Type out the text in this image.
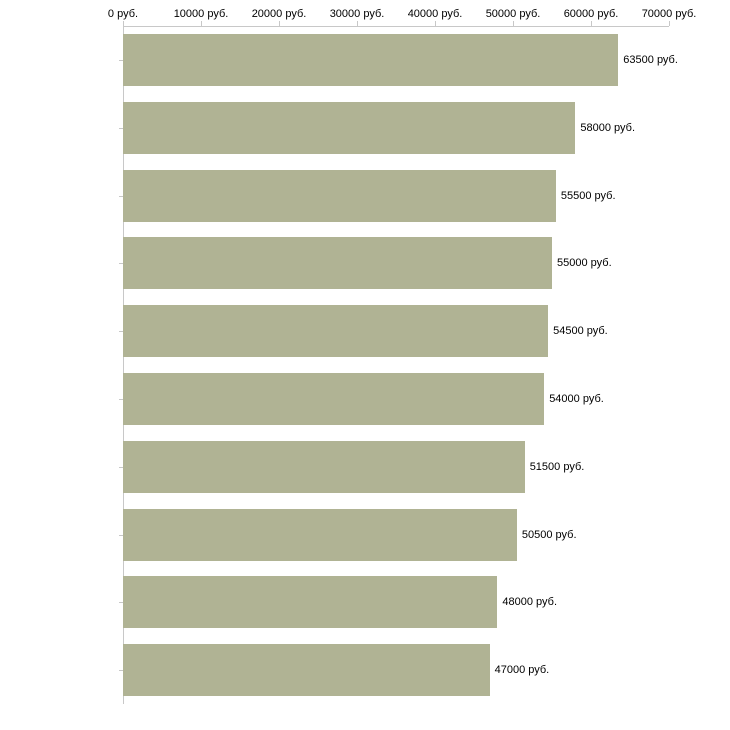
0 руб.	10000 руб. 20000 руб. 30000 руб. 40000 руб. 50000 руб. 60000 руб. 70000 руб.
63500 руб.
58000 руб.
55500 руб.
55000 руб.
54500 руб.
54000 руб.
51500 руб.
50500 руб.
48000 руб.
47000 руб.
